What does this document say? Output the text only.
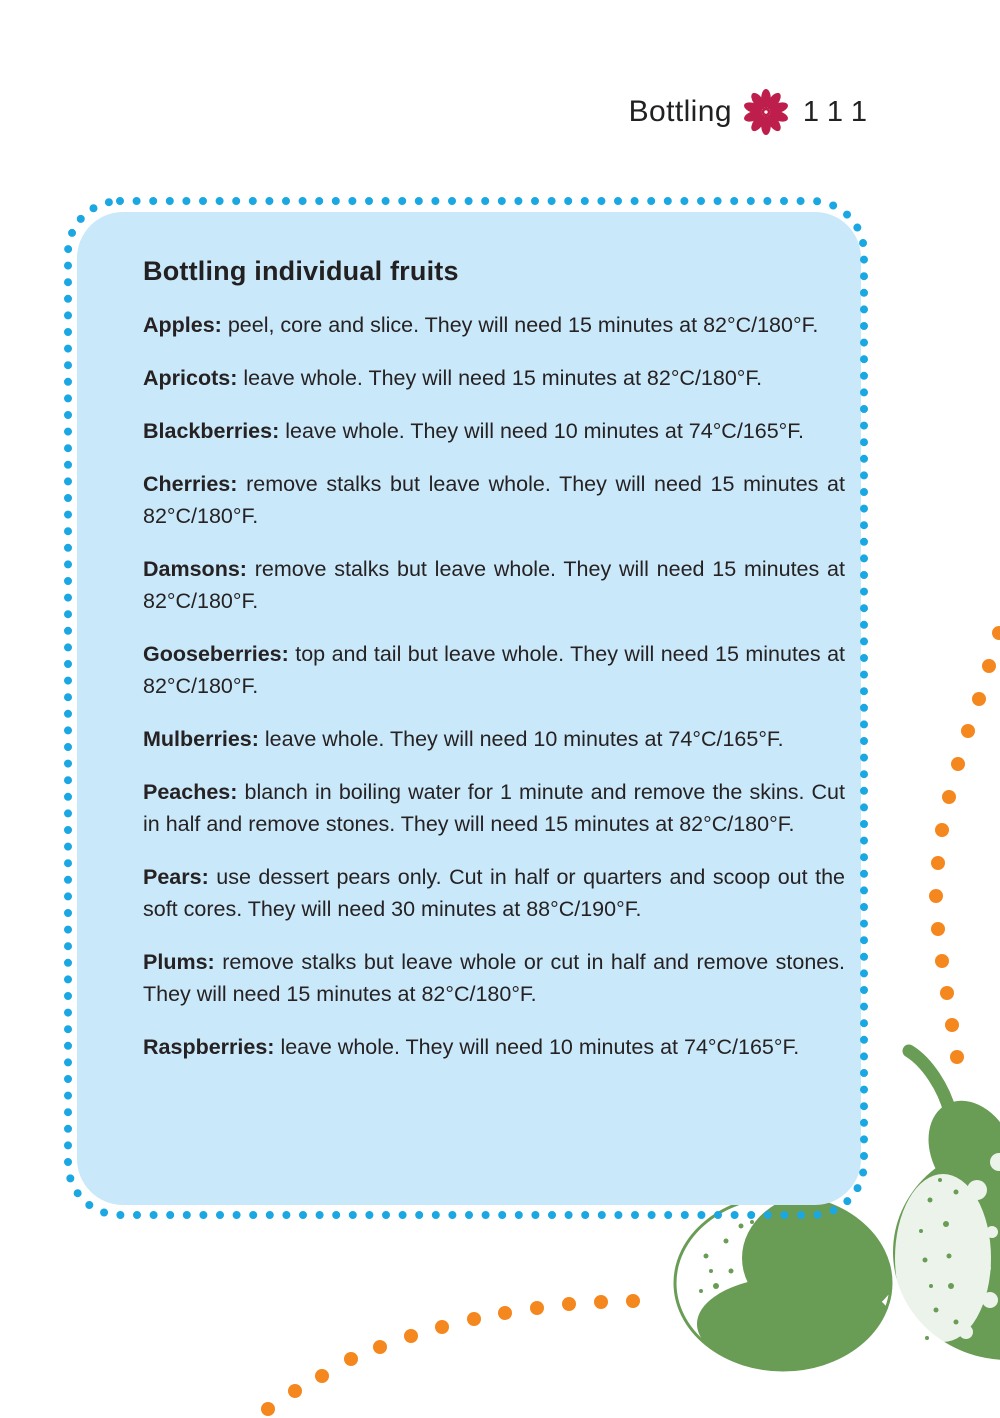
Bottling 111
Bottling individual fruits

Apples: peel, core and slice. They will need 15 minutes at 82°C/180°F.

Apricots: leave whole. They will need 15 minutes at 82°C/180°F.

Blackberries: leave whole. They will need 10 minutes at 74°C/165°F.

Cherries: remove stalks but leave whole. They will need 15 minutes at 82°C/180°F.

Damsons: remove stalks but leave whole. They will need 15 minutes at 82°C/180°F.

Gooseberries: top and tail but leave whole. They will need 15 minutes at 82°C/180°F.

Mulberries: leave whole. They will need 10 minutes at 74°C/165°F.

Peaches: blanch in boiling water for 1 minute and remove the skins. Cut in half and remove stones. They will need 15 minutes at 82°C/180°F.

Pears: use dessert pears only. Cut in half or quarters and scoop out the soft cores. They will need 30 minutes at 88°C/190°F.

Plums: remove stalks but leave whole or cut in half and remove stones. They will need 15 minutes at 82°C/180°F.

Raspberries: leave whole. They will need 10 minutes at 74°C/165°F.
